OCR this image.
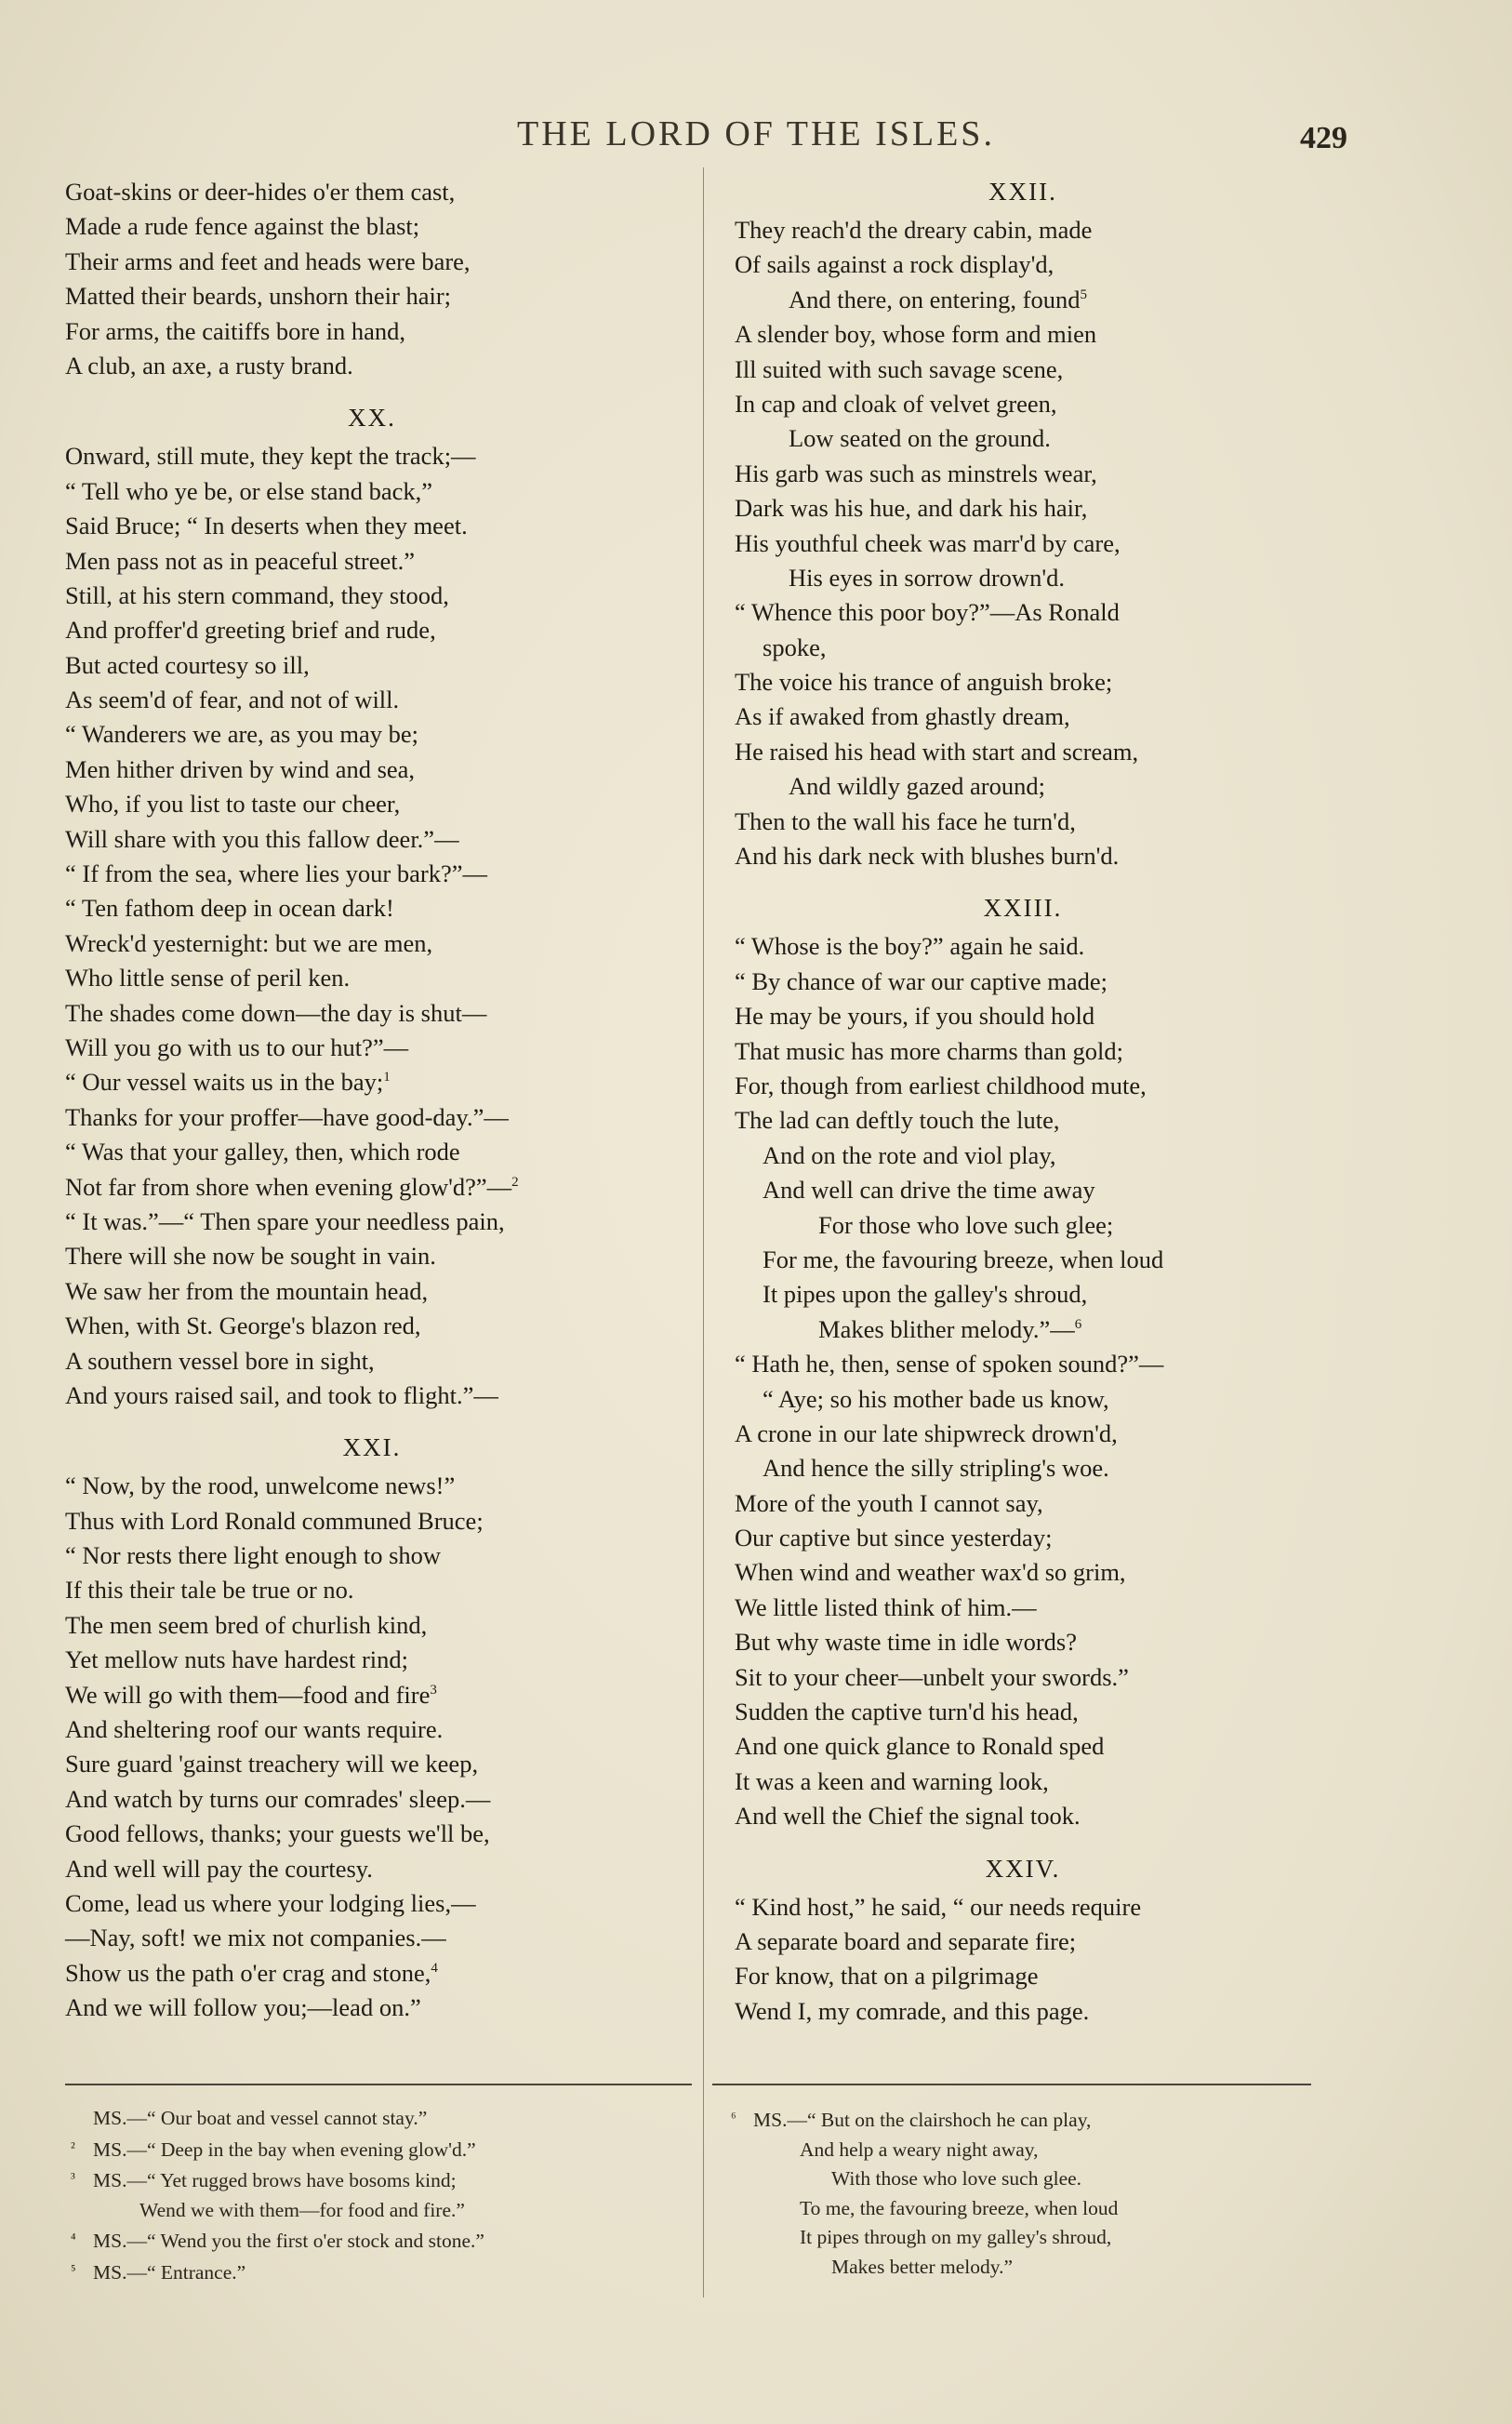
THE LORD OF THE ISLES.	429
Goat-skins or deer-hides o'er them cast,
Made a rude fence against the blast;
Their arms and feet and heads were bare,
Matted their beards, unshorn their hair;
For arms, the caitiffs bore in hand,
A club, an axe, a rusty brand.
XX.
Onward, still mute, they kept the track;—
“ Tell who ye be, or else stand back,”
Said Bruce; “ In deserts when they meet.
Men pass not as in peaceful street.”
Still, at his stern command, they stood,
And proffer'd greeting brief and rude,
But acted courtesy so ill,
As seem'd of fear, and not of will.
“ Wanderers we are, as you may be;
Men hither driven by wind and sea,
Who, if you list to taste our cheer,
Will share with you this fallow deer.”—
“ If from the sea, where lies your bark?”—
“ Ten fathom deep in ocean dark!
Wreck'd yesternight: but we are men,
Who little sense of peril ken.
The shades come down—the day is shut—
Will you go with us to our hut?”—
“ Our vessel waits us in the bay;$^1$
Thanks for your proffer—have good-day.”—
“ Was that your galley, then, which rode
Not far from shore when evening glow'd?”—$^2$
“ It was.”—“ Then spare your needless pain,
There will she now be sought in vain.
We saw her from the mountain head,
When, with St. George's blazon red,
A southern vessel bore in sight,
And yours raised sail, and took to flight.”—
XXI.
“ Now, by the rood, unwelcome news!”
Thus with Lord Ronald communed Bruce;
“ Nor rests there light enough to show
If this their tale be true or no.
The men seem bred of churlish kind,
Yet mellow nuts have hardest rind;
We will go with them—food and fire$^3$
And sheltering roof our wants require.
Sure guard 'gainst treachery will we keep,
And watch by turns our comrades' sleep.—
Good fellows, thanks; your guests we'll be,
And well will pay the courtesy.
Come, lead us where your lodging lies,—
—Nay, soft! we mix not companies.—
Show us the path o'er crag and stone,$^4$
And we will follow you;—lead on.”
XXII.
They reach'd the dreary cabin, made
Of sails against a rock display'd,
And there, on entering, found$^5$
A slender boy, whose form and mien
Ill suited with such savage scene,
In cap and cloak of velvet green,
Low seated on the ground.
His garb was such as minstrels wear,
Dark was his hue, and dark his hair,
His youthful cheek was marr'd by care,
His eyes in sorrow drown'd.
“ Whence this poor boy?”—As Ronald
spoke,
The voice his trance of anguish broke;
As if awaked from ghastly dream,
He raised his head with start and scream,
And wildly gazed around;
Then to the wall his face he turn'd,
And his dark neck with blushes burn'd.
XXIII.
“ Whose is the boy?” again he said.
“ By chance of war our captive made;
He may be yours, if you should hold
That music has more charms than gold;
For, though from earliest childhood mute,
The lad can deftly touch the lute,
And on the rote and viol play,
And well can drive the time away
For those who love such glee;
For me, the favouring breeze, when loud
It pipes upon the galley's shroud,
Makes blither melody.”—$^6$
“ Hath he, then, sense of spoken sound?”—
“ Aye; so his mother bade us know,
A crone in our late shipwreck drown'd,
And hence the silly stripling's woe.
More of the youth I cannot say,
Our captive but since yesterday;
When wind and weather wax'd so grim,
We little listed think of him.—
But why waste time in idle words?
Sit to your cheer—unbelt your swords.”
Sudden the captive turn'd his head,
And one quick glance to Ronald sped
It was a keen and warning look,
And well the Chief the signal took.
XXIV.
“ Kind host,” he said, “ our needs require
A separate board and separate fire;
For know, that on a pilgrimage
Wend I, my comrade, and this page.
MS.—“ Our boat and vessel cannot stay.”
² MS.—“ Deep in the bay when evening glow'd.”
³ MS.—“ Yet rugged brows have bosoms kind;
Wend we with them—for food and fire.”
⁴ MS.—“ Wend you the first o'er stock and stone.”
⁵ MS.—“ Entrance.”
⁶ MS.—“ But on the clairshoch he can play,
And help a weary night away,
With those who love such glee.
To me, the favouring breeze, when loud
It pipes through on my galley's shroud,
Makes better melody.”
